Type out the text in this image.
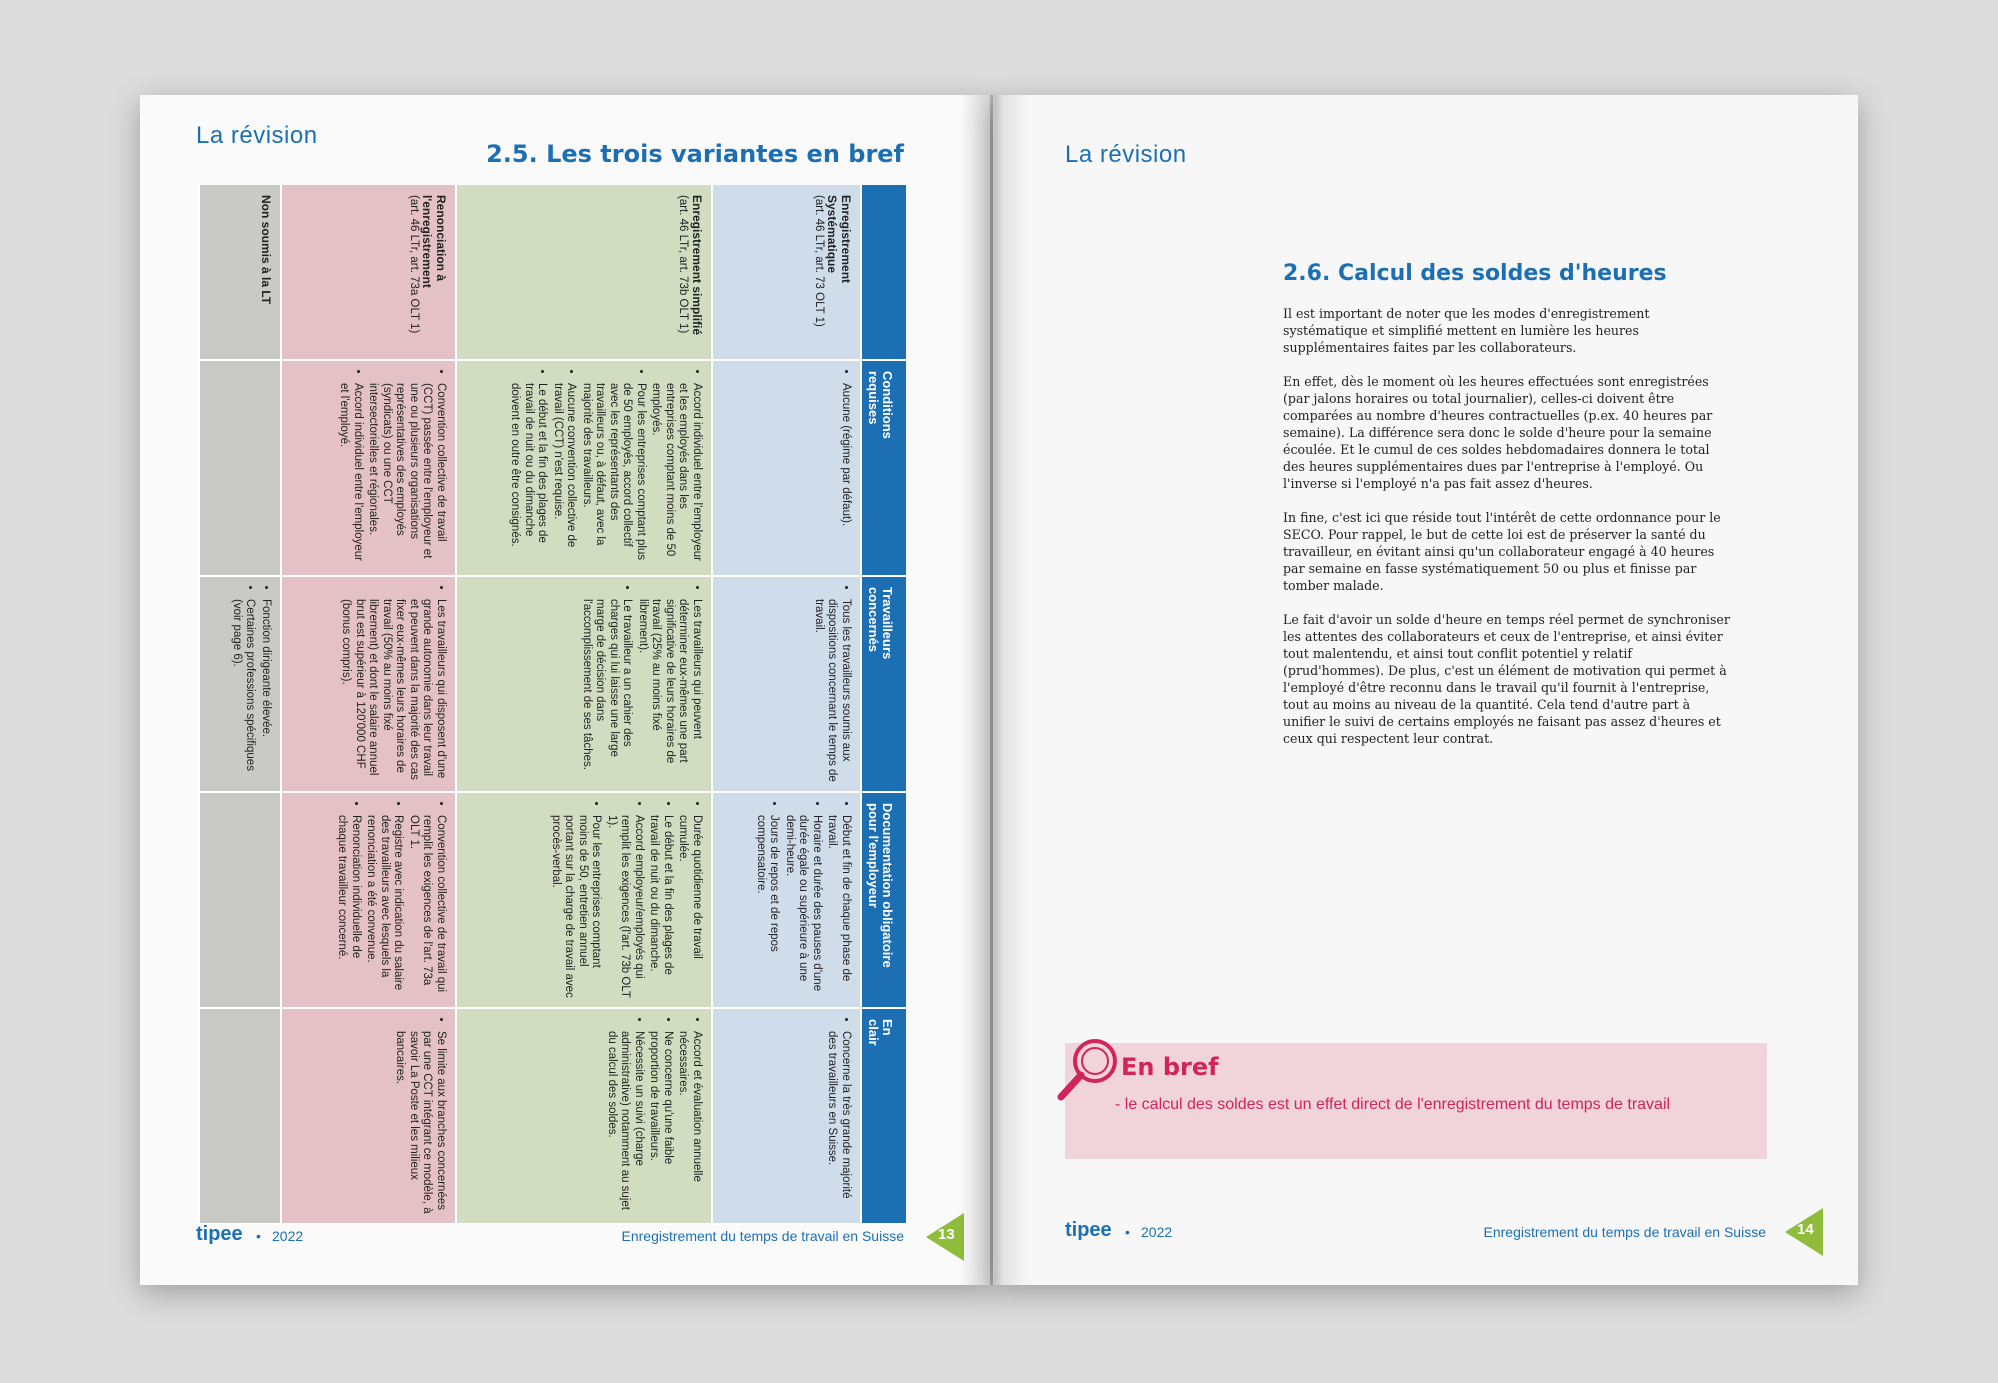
La révision
2.5. Les trois variantes en bref
Conditions requises
Travailleurs concernés
Documentation obligatoire pour l'employeur
En clair
Enregistrement Systématique
(art. 46 LTr, art. 73 OLT 1)
• Aucune (régime par défaut).
• Tous les travailleurs soumis aux dispositions concernant le temps de travail.
• Début et fin de chaque phase de travail.
• Horaire et durée des pauses d'une durée égale ou supérieure à une demi-heure.
• Jours de repos et de repos compensatoire.
• Concerne la très grande majorité des travailleurs en Suisse.
Enregistrement simplifié
(art. 46 LTr, art. 73b OLT 1)
• Accord individuel entre l'employeur et les employés dans les entreprises comptant moins de 50 employés.
• Pour les entreprises comptant plus de 50 employés, accord collectif avec les représentants des travailleurs ou, à défaut, avec la majorité des travailleurs.
• Aucune convention collective de travail (CCT) n'est requise.
• Le début et la fin des plages de travail de nuit ou du dimanche doivent en outre être consignés.
• Les travailleurs qui peuvent déterminer eux-mêmes une part significative de leurs horaires de travail (25% au moins fixé librement).
• Le travailleur a un cahier des charges qui lui laisse une large marge de décision dans l'accomplissement de ses tâches.
• Durée quotidienne de travail cumulée.
• Le début et la fin des plages de travail de nuit ou du dimanche.
• Accord employeur/employés qui remplit les exigences (l'art. 73b OLT 1).
• Pour les entreprises comptant moins de 50, entretien annuel portant sur la charge de travail avec procès-verbal.
• Accord et évaluation annuelle nécessaires.
• Ne concerne qu'une faible proportion de travailleurs.
• Nécessite un suivi (charge administrative) notamment au sujet du calcul des soldes.
Renonciation à l'enregistrement
(art. 46 LTr, art. 73a OLT 1)
• Convention collective de travail (CCT) passée entre l'employeur et une ou plusieurs organisations représentatives des employés (syndicats) ou une CCT intersectorielles et régionales.
• Accord individuel entre l'employeur et l'employé.
• Les travailleurs qui disposent d'une grande autonomie dans leur travail et peuvent dans la majorité des cas fixer eux-mêmes leurs horaires de travail (50% au moins fixé librement) et dont le salaire annuel brut est supérieur à 120'000 CHF (bonus compris).
• Convention collective de travail qui remplit les exigences de l'art. 73a OLT 1.
• Registre avec indication du salaire des travailleurs avec lesquels la renonciation a été convenue.
• Renonciation individuelle de chaque travailleur concerné.
• Se limite aux branches concernées par une CCT intégrant ce modèle, à savoir La Poste et les milieux bancaires.
Non soumis à la LT
• Fonction dirigeante élevée.
• Certaines professions spécifiques (voir page 6).
tipee • 2022	Enregistrement du temps de travail en Suisse 13
La révision
2.6. Calcul des soldes d'heures

Il est important de noter que les modes d'enregistrement systématique et simplifié mettent en lumière les heures supplémentaires faites par les collaborateurs.

En effet, dès le moment où les heures effectuées sont enregistrées (par jalons horaires ou total journalier), celles-ci doivent être comparées au nombre d'heures contractuelles (p.ex. 40 heures par semaine). La différence sera donc le solde d'heure pour la semaine écoulée. Et le cumul de ces soldes hebdomadaires donnera le total des heures supplémentaires dues par l'entreprise à l'employé. Ou l'inverse si l'employé n'a pas fait assez d'heures.

In fine, c'est ici que réside tout l'intérêt de cette ordonnance pour le SECO. Pour rappel, le but de cette loi est de préserver la santé du travailleur, en évitant ainsi qu'un collaborateur engagé à 40 heures par semaine en fasse systématiquement 50 ou plus et finisse par tomber malade.

Le fait d'avoir un solde d'heure en temps réel permet de synchroniser les attentes des collaborateurs et ceux de l'entreprise, et ainsi éviter tout malentendu, et ainsi tout conflit potentiel y relatif (prud'hommes). De plus, c'est un élément de motivation qui permet à l'employé d'être reconnu dans le travail qu'il fournit à l'entreprise, tout au moins au niveau de la quantité. Cela tend d'autre part à unifier le suivi de certains employés ne faisant pas assez d'heures et ceux qui respectent leur contrat.

En bref
- le calcul des soldes est un effet direct de l'enregistrement du temps de travail
tipee • 2022	Enregistrement du temps de travail en Suisse 14
